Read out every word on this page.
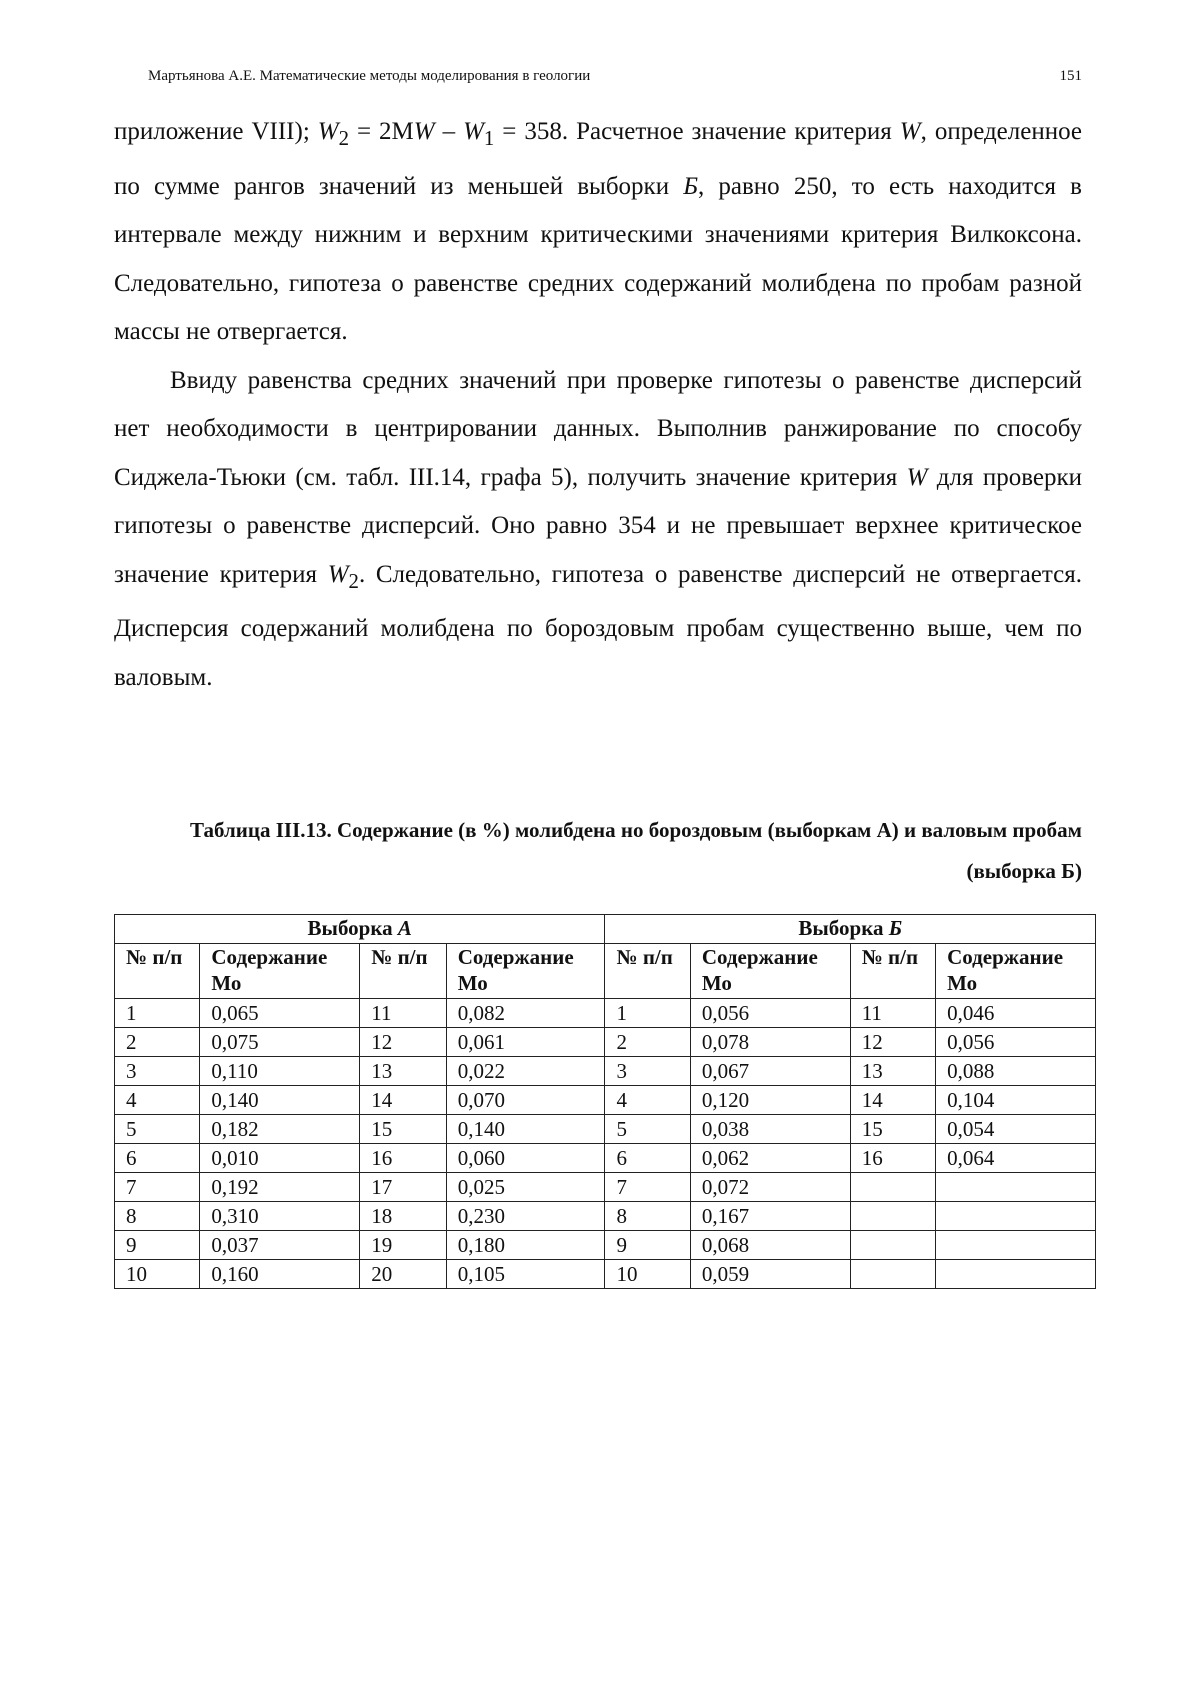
Мартьянова А.Е. Математические методы моделирования в геологии	151

приложение VIII); $W_2 = 2MW - W_1 = 358$. Расчетное значение критерия W, определенное по сумме рангов значений из меньшей выборки Б, равно 250, то есть находится в интервале между нижним и верхним критическими значениями критерия Вилкоксона. Следовательно, гипотеза о равенстве средних содержаний молибдена по пробам разной массы не отвергается.

Ввиду равенства средних значений при проверке гипотезы о равенстве дисперсий нет необходимости в центрировании данных. Выполнив ранжирование по способу Сиджела-Тьюки (см. табл. III.14, графа 5), получить значение критерия W для проверки гипотезы о равенстве дисперсий. Оно равно 354 и не превышает верхнее критическое значение критерия $W_2$. Следовательно, гипотеза о равенстве дисперсий не отвергается. Дисперсия содержаний молибдена по бороздовым пробам существенно выше, чем по валовым.

Таблица III.13. Содержание (в %) молибдена но бороздовым (выборкам А) и валовым пробам (выборка Б)
Выборка А				Выборка Б			
№ п/п	Содержание Мо	№ п/п	Содержание Мо	№ п/п	Содержание Мо	№ п/п	Содержание Мо
1	0,065	11	0,082	1	0,056	11	0,046
2	0,075	12	0,061	2	0,078	12	0,056
3	0,110	13	0,022	3	0,067	13	0,088
4	0,140	14	0,070	4	0,120	14	0,104
5	0,182	15	0,140	5	0,038	15	0,054
6	0,010	16	0,060	6	0,062	16	0,064
7	0,192	17	0,025	7	0,072		
8	0,310	18	0,230	8	0,167		
9	0,037	19	0,180	9	0,068		
10	0,160	20	0,105	10	0,059		
